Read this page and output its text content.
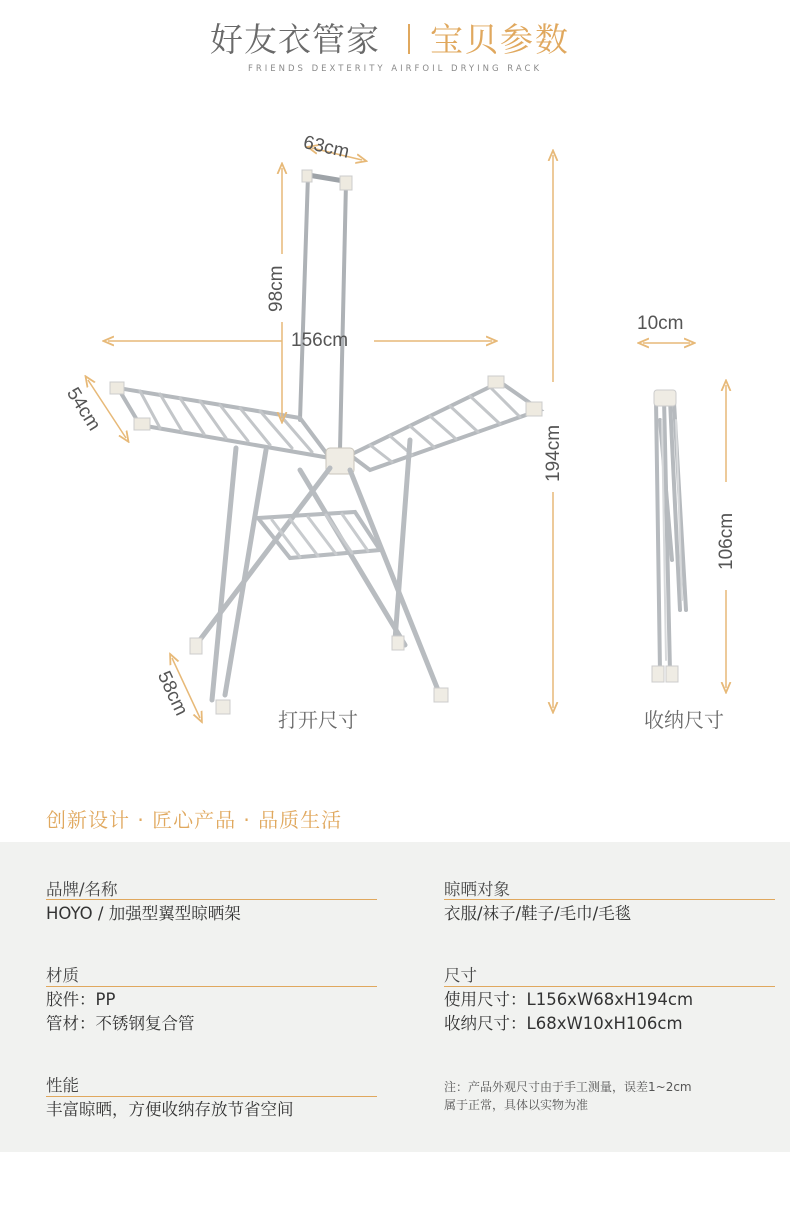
好友衣管家 宝贝参数
FRIENDS DEXTERITY AIRFOIL DRYING RACK
63cm
98cm
156cm
194cm
54cm
58cm
10cm
106cm
打开尺寸	收纳尺寸
创新设计 · 匠心产品 · 品质生活
品牌/名称
HOYO / 加强型翼型晾晒架
材质
胶件：PP
管材：不锈钢复合管
性能
丰富晾晒，方便收纳存放节省空间
晾晒对象
衣服/袜子/鞋子/毛巾/毛毯
尺寸
使用尺寸：L156xW68xH194cm
收纳尺寸：L68xW10xH106cm
注：产品外观尺寸由于手工测量，误差1~2cm
属于正常，具体以实物为准
